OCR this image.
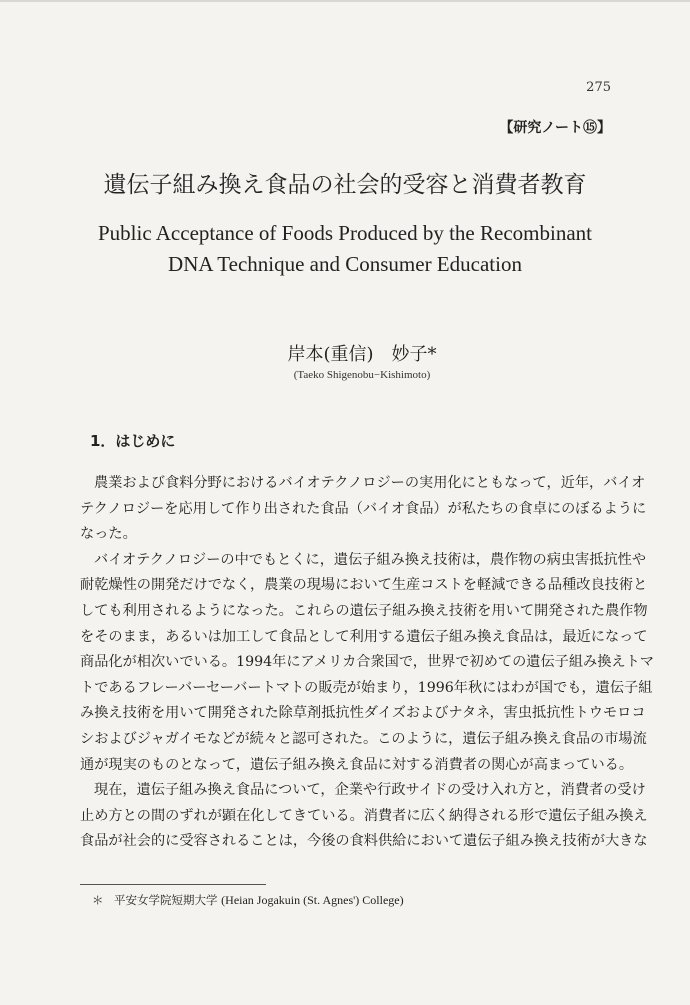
275
【研究ノート⑮】
遺伝子組み換え食品の社会的受容と消費者教育
Public Acceptance of Foods Produced by the Recombinant
DNA Technique and Consumer Education
岸本(重信)　妙子*
(Taeko Shigenobu−Kishimoto)
1．はじめに

農業および食料分野におけるバイオテクノロジーの実用化にともなって，近年，バイオ
テクノロジーを応用して作り出された食品（バイオ食品）が私たちの食卓にのぼるように
なった。

バイオテクノロジーの中でもとくに，遺伝子組み換え技術は，農作物の病虫害抵抗性や
耐乾燥性の開発だけでなく，農業の現場において生産コストを軽減できる品種改良技術と
しても利用されるようになった。これらの遺伝子組み換え技術を用いて開発された農作物
をそのまま，あるいは加工して食品として利用する遺伝子組み換え食品は，最近になって
商品化が相次いでいる。1994年にアメリカ合衆国で，世界で初めての遺伝子組み換えトマ
トであるフレーバーセーバートマトの販売が始まり，1996年秋にはわが国でも，遺伝子組
み換え技術を用いて開発された除草剤抵抗性ダイズおよびナタネ，害虫抵抗性トウモロコ
シおよびジャガイモなどが続々と認可された。このように，遺伝子組み換え食品の市場流
通が現実のものとなって，遺伝子組み換え食品に対する消費者の関心が高まっている。

現在，遺伝子組み換え食品について，企業や行政サイドの受け入れ方と，消費者の受け
止め方との間のずれが顕在化してきている。消費者に広く納得される形で遺伝子組み換え
食品が社会的に受容されることは，今後の食料供給において遺伝子組み換え技術が大きな

＊ 平安女学院短期大学 (Heian Jogakuin (St. Agnes') College)
